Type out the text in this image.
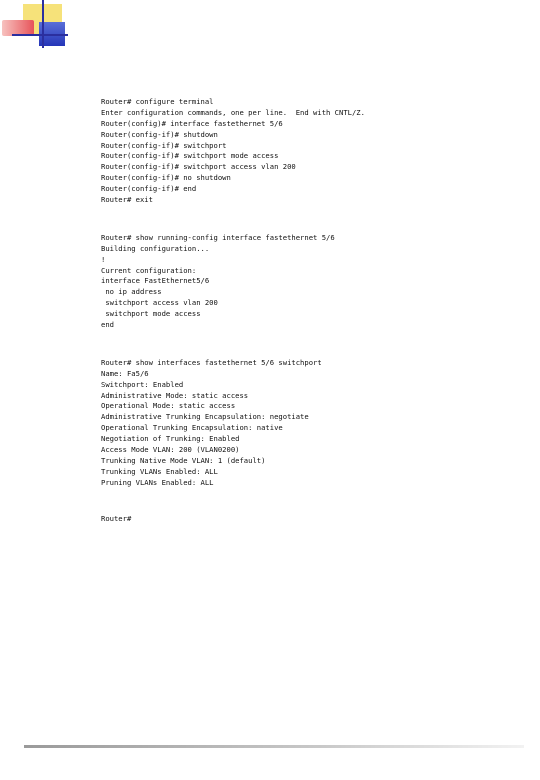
Router# configure terminal
Enter configuration commands, one per line.  End with CNTL/Z.
Router(config)# interface fastethernet 5/6
Router(config-if)# shutdown
Router(config-if)# switchport
Router(config-if)# switchport mode access
Router(config-if)# switchport access vlan 200
Router(config-if)# no shutdown
Router(config-if)# end
Router# exit
Router# show running-config interface fastethernet 5/6
Building configuration...
!
Current configuration:
interface FastEthernet5/6
no ip address
switchport access vlan 200
switchport mode access
end
Router# show interfaces fastethernet 5/6 switchport
Name: Fa5/6
Switchport: Enabled
Administrative Mode: static access
Operational Mode: static access
Administrative Trunking Encapsulation: negotiate
Operational Trunking Encapsulation: native
Negotiation of Trunking: Enabled
Access Mode VLAN: 200 (VLAN0200)
Trunking Native Mode VLAN: 1 (default)
Trunking VLANs Enabled: ALL
Pruning VLANs Enabled: ALL
Router#
